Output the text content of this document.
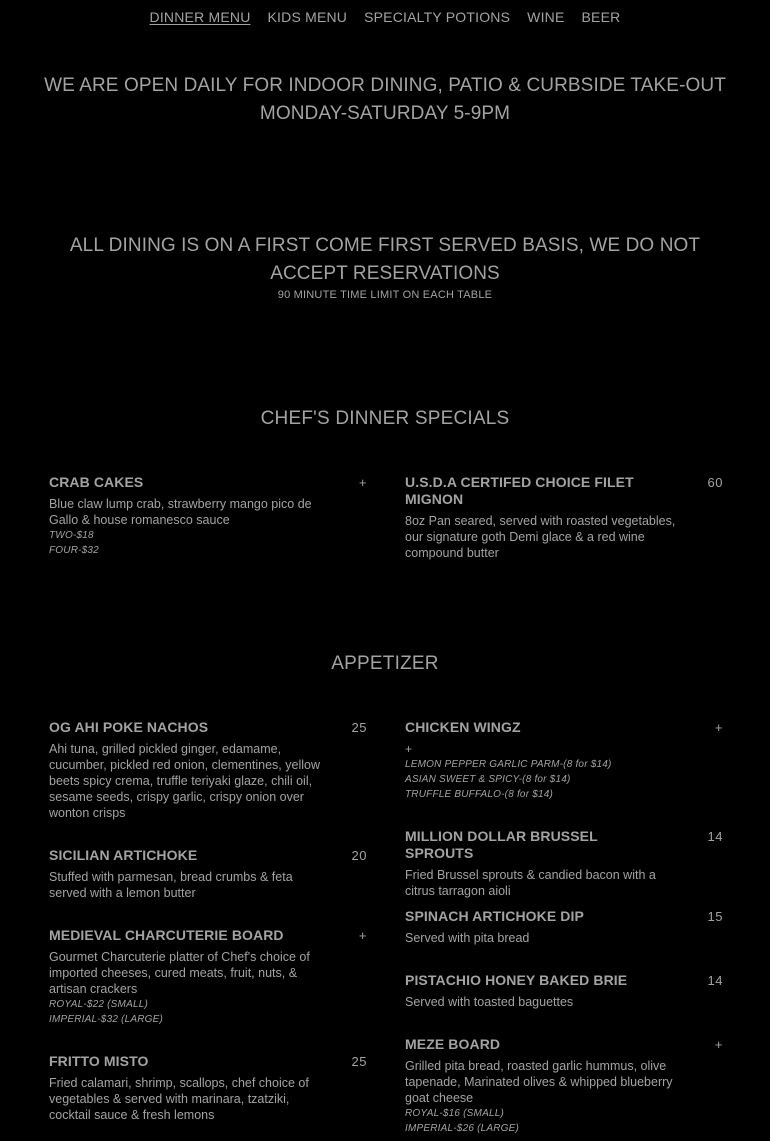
DINNER MENU KIDS MENU SPECIALTY POTIONS WINE BEER
WE ARE OPEN DAILY FOR INDOOR DINING, PATIO & CURBSIDE TAKE-OUT
MONDAY-SATURDAY 5-9PM
ALL DINING IS ON A FIRST COME FIRST SERVED BASIS, WE DO NOT
ACCEPT RESERVATIONS
90 MINUTE TIME LIMIT ON EACH TABLE
CHEF'S DINNER SPECIALS
CRAB CAKES	+
Blue claw lump crab, strawberry mango pico de Gallo & house romanesco sauce
TWO-$18
FOUR-$32
U.S.D.A CERTIFED CHOICE FILET MIGNON
60
8oz Pan seared, served with roasted vegetables, our signature goth Demi glace & a red wine compound butter
APPETIZER
OG AHI POKE NACHOS	25
Ahi tuna, grilled pickled ginger, edamame, cucumber, pickled red onion, clementines, yellow beets spicy crema, truffle teriyaki glaze, chili oil, sesame seeds, crispy garlic, crispy onion over wonton crisps
SICILIAN ARTICHOKE	20
Stuffed with parmesan, bread crumbs & feta served with a lemon butter
MEDIEVAL CHARCUTERIE BOARD	+
Gourmet Charcuterie platter of Chef's choice of imported cheeses, cured meats, fruit, nuts, & artisan crackers
ROYAL-$22 (SMALL)
IMPERIAL-$32 (LARGE)
FRITTO MISTO	25
Fried calamari, shrimp, scallops, chef choice of vegetables & served with marinara, tzatziki, cocktail sauce & fresh lemons
CHICKEN WINGZ	+
+
LEMON PEPPER GARLIC PARM-(8 for $14)
ASIAN SWEET & SPICY-(8 for $14)
TRUFFLE BUFFALO-(8 for $14)
MILLION DOLLAR BRUSSEL SPROUTS
14
Fried Brussel sprouts & candied bacon with a citrus tarragon aioli
SPINACH ARTICHOKE DIP	15
Served with pita bread
PISTACHIO HONEY BAKED BRIE	14
Served with toasted baguettes
MEZE BOARD	+
Grilled pita bread, roasted garlic hummus, olive tapenade, Marinated olives & whipped blueberry goat cheese
ROYAL-$16 (SMALL)
IMPERIAL-$26 (LARGE)
